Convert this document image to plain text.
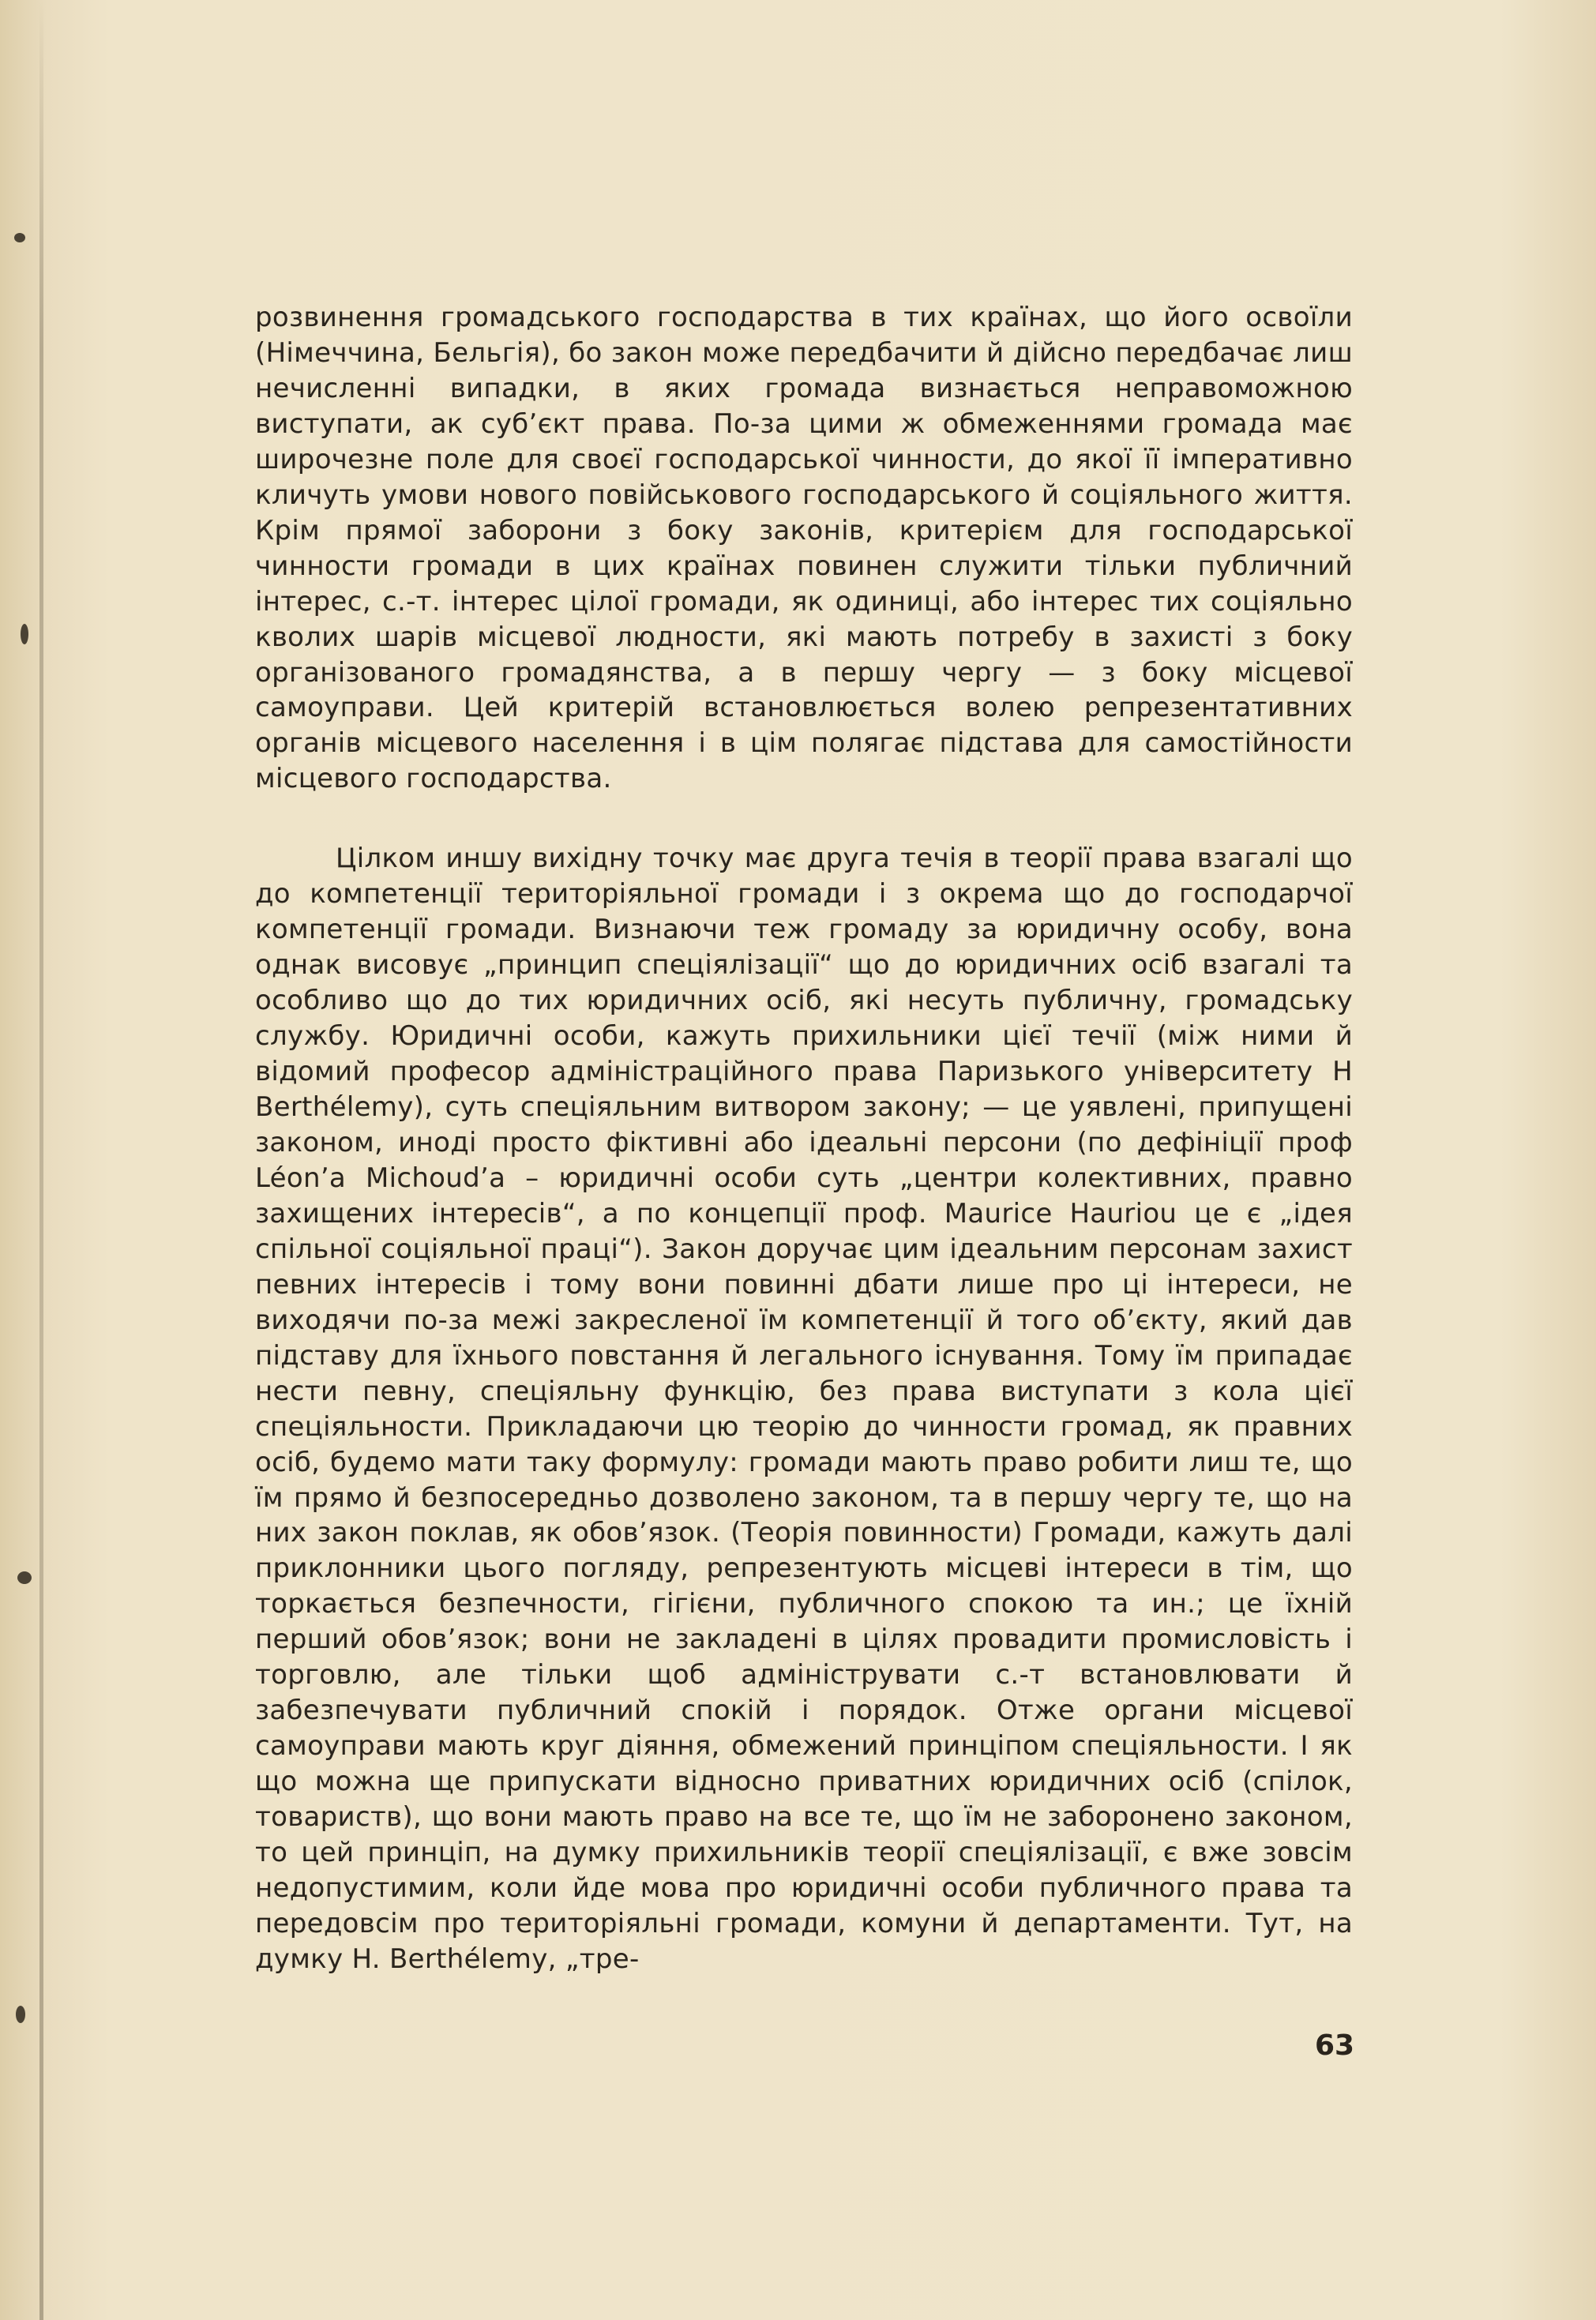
розвинення громадського господарства в тих країнах, що його освоїли (Німеччина, Бельгія), бо закон може передбачити й дійсно передбачає лиш нечисленні випадки, в яких громада визнається неправоможною виступати, ак суб’єкт права. По-за цими ж обмеженнями громада має широчезне поле для своєї господарської чинности, до якої її імперативно кличуть умови нового повійськового господарського й соціяльного життя. Крім прямої заборони з боку законів, критерієм для господарської чинности громади в цих країнах повинен служити тільки публичний інтерес, с.-т. інтерес цілої громади, як одиниці, або інтерес тих соціяльно кволих шарів місцевої людности, які мають потребу в захисті з боку організованого громадянства, а в першу чергу — з боку місцевої самоуправи. Цей критерій встановлюється волею репрезентативних органів місцевого населення і в цім полягає підстава для самостійности місцевого господарства.

Цілком иншу вихідну точку має друга течія в теорії права взагалі що до компетенції територіяльної громади і з окрема що до господарчої компетенції громади. Визнаючи теж громаду за юридичну особу, вона однак висовує „принцип спеціялізації“ що до юридичних осіб взагалі та особливо що до тих юридичних осіб, які несуть публичну, громадську службу. Юридичні особи, кажуть прихильники цієї течії (між ними й відомий професор адміністраційного права Паризького університету H Berthélemy), суть спеціяльним витвором закону; — це уявлені, припущені законом, иноді просто фіктивні або ідеальні персони (по дефініції проф Léon’a Michoud’a – юридичні особи суть „центри колективних, правно захищених інтересів“, а по концепції проф. Maurice Hauriou це є „ідея спільної соціяльної праці“). Закон доручає цим ідеальним персонам захист певних інтересів і тому вони повинні дбати лише про ці інтереси, не виходячи по-за межі закресленої їм компетенції й того об’єкту, який дав підставу для їхнього повстання й легального існування. Тому їм припадає нести певну, спеціяльну функцію, без права виступати з кола цієї спеціяльности. Прикладаючи цю теорію до чинности громад, як правних осіб, будемо мати таку формулу: громади мають право робити лиш те, що їм прямо й безпосередньо дозволено законом, та в першу чергу те, що на них закон поклав, як обов’язок. (Теорія повинности) Громади, кажуть далі приклонники цього погляду, репрезентують місцеві інтереси в тім, що торкається безпечности, гігієни, публичного спокою та ин.; це їхній перший обов’язок; вони не закладені в цілях провадити промисловість і торговлю, але тільки щоб адмініструвати с.-т встановлювати й забезпечувати публичний спокій і порядок. Отже органи місцевої самоуправи мають круг діяння, обмежений принціпом спеціяльности. І як що можна ще припускати відносно приватних юридичних осіб (спілок, товариств), що вони мають право на все те, що їм не заборонено законом, то цей принціп, на думку прихильників теорії спеціялізації, є вже зовсім недопустимим, коли йде мова про юридичні особи публичного права та передовсім про територіяльні громади, комуни й департаменти. Тут, на думку H. Berthélemy, „тре-

63
